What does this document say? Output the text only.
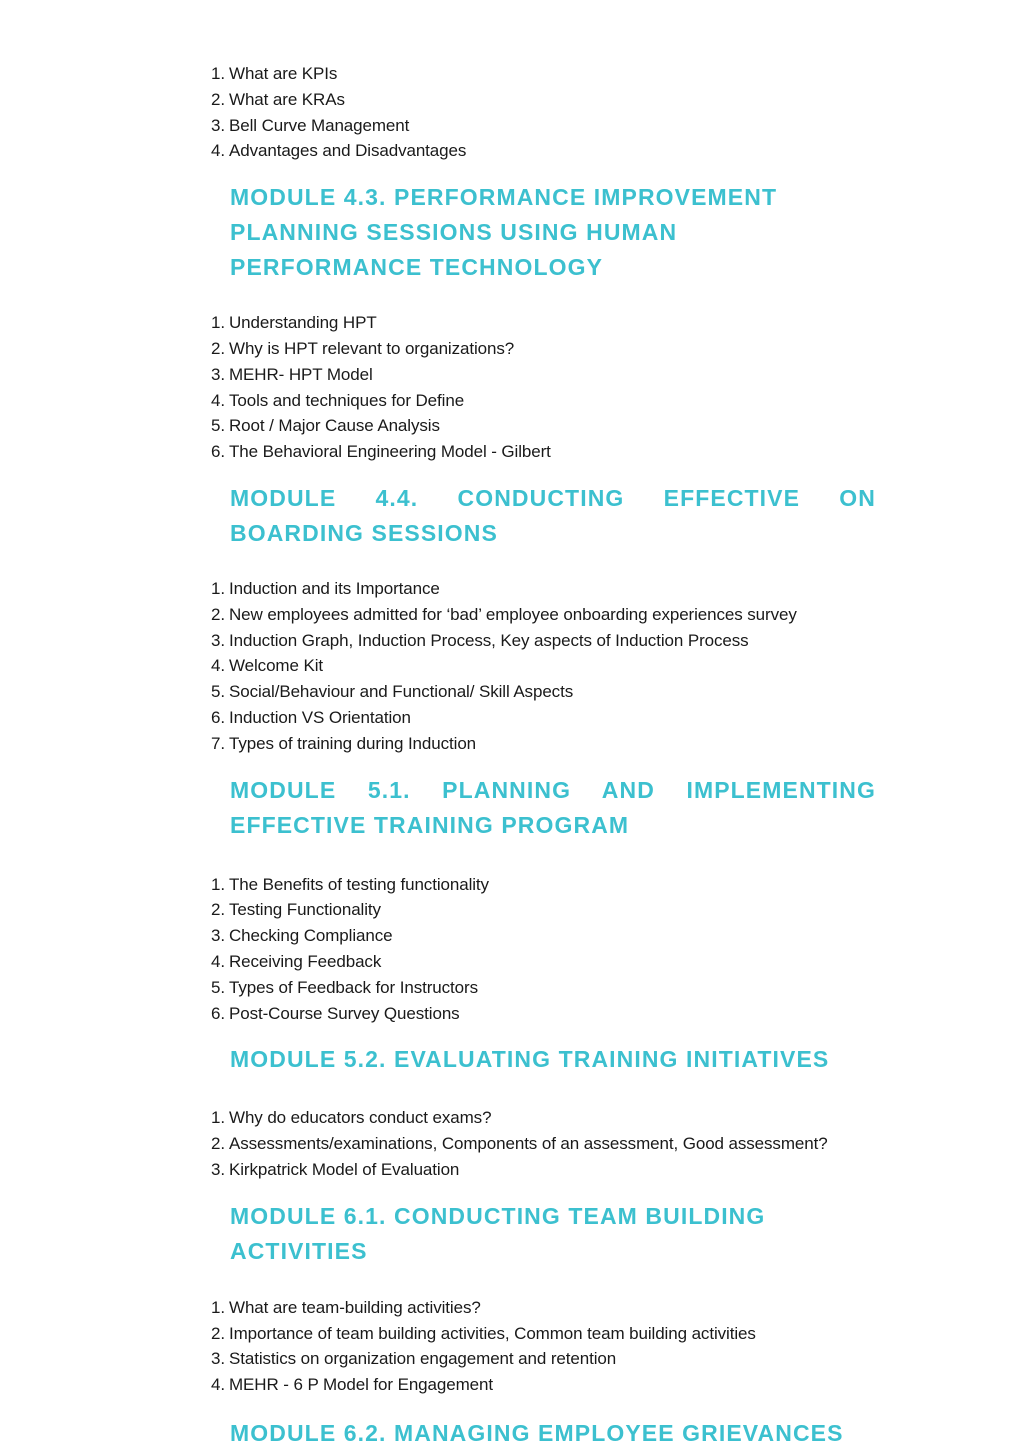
1. What are KPIs
2. What are KRAs
3. Bell Curve Management
4. Advantages and Disadvantages
MODULE 4.3. PERFORMANCE IMPROVEMENT PLANNING SESSIONS USING HUMAN PERFORMANCE TECHNOLOGY
1. Understanding HPT
2. Why is HPT relevant to organizations?
3. MEHR- HPT Model
4. Tools and techniques for Define
5. Root / Major Cause Analysis
6. The Behavioral Engineering Model - Gilbert
MODULE 4.4. CONDUCTING EFFECTIVE ON BOARDING SESSIONS
1. Induction and its Importance
2. New employees admitted for ‘bad’ employee onboarding experiences survey
3. Induction Graph, Induction Process, Key aspects of Induction Process
4. Welcome Kit
5. Social/Behaviour and Functional/ Skill Aspects
6. Induction VS Orientation
7. Types of training during Induction
MODULE 5.1. PLANNING AND IMPLEMENTING EFFECTIVE TRAINING PROGRAM
1. The Benefits of testing functionality
2. Testing Functionality
3. Checking Compliance
4. Receiving Feedback
5. Types of Feedback for Instructors
6. Post-Course Survey Questions
MODULE 5.2. EVALUATING TRAINING INITIATIVES
1. Why do educators conduct exams?
2. Assessments/examinations, Components of an assessment, Good assessment?
3. Kirkpatrick Model of Evaluation
MODULE 6.1. CONDUCTING TEAM BUILDING ACTIVITIES
1. What are team-building activities?
2. Importance of team building activities, Common team building activities
3. Statistics on organization engagement and retention
4. MEHR - 6 P Model for Engagement
MODULE 6.2. MANAGING EMPLOYEE GRIEVANCES
